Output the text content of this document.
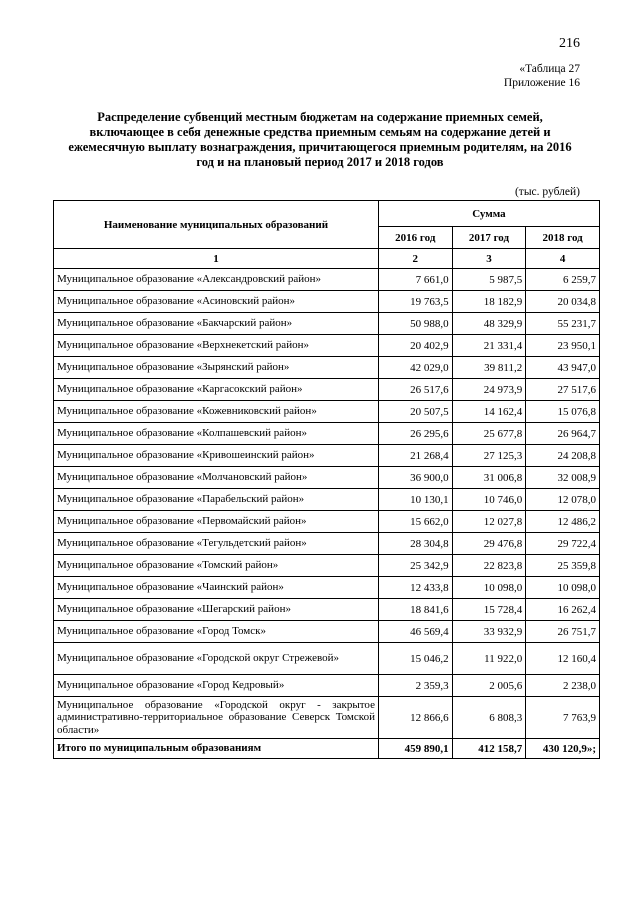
216
«Таблица 27
Приложение 16
Распределение субвенций местным бюджетам на содержание приемных семей, включающее в себя денежные средства приемным семьям на содержание детей и ежемесячную выплату вознаграждения, причитающегося приемным родителям, на 2016 год и на плановый период 2017 и 2018 годов
(тыс. рублей)
Наименование муниципальных образований	Сумма		
	2016 год	2017 год	2018 год
1	2	3	4
Муниципальное образование «Александровский район»	7 661,0	5 987,5	6 259,7
Муниципальное образование «Асиновский район»	19 763,5	18 182,9	20 034,8
Муниципальное образование «Бакчарский район»	50 988,0	48 329,9	55 231,7
Муниципальное образование «Верхнекетский район»	20 402,9	21 331,4	23 950,1
Муниципальное образование «Зырянский район»	42 029,0	39 811,2	43 947,0
Муниципальное образование «Каргасокский район»	26 517,6	24 973,9	27 517,6
Муниципальное образование «Кожевниковский район»	20 507,5	14 162,4	15 076,8
Муниципальное образование «Колпашевский район»	26 295,6	25 677,8	26 964,7
Муниципальное образование «Кривошеинский район»	21 268,4	27 125,3	24 208,8
Муниципальное образование «Молчановский район»	36 900,0	31 006,8	32 008,9
Муниципальное образование «Парабельский район»	10 130,1	10 746,0	12 078,0
Муниципальное образование «Первомайский район»	15 662,0	12 027,8	12 486,2
Муниципальное образование «Тегульдетский район»	28 304,8	29 476,8	29 722,4
Муниципальное образование «Томский район»	25 342,9	22 823,8	25 359,8
Муниципальное образование «Чаинский район»	12 433,8	10 098,0	10 098,0
Муниципальное образование «Шегарский район»	18 841,6	15 728,4	16 262,4
Муниципальное образование «Город Томск»	46 569,4	33 932,9	26 751,7
Муниципальное образование «Городской округ Стрежевой»	15 046,2	11 922,0	12 160,4
Муниципальное образование «Город Кедровый»	2 359,3	2 005,6	2 238,0
Муниципальное образование «Городской округ - закрытое административно-территориальное образование Северск Томской области»	12 866,6	6 808,3	7 763,9
Итого по муниципальным образованиям	459 890,1	412 158,7	430 120,9»;
